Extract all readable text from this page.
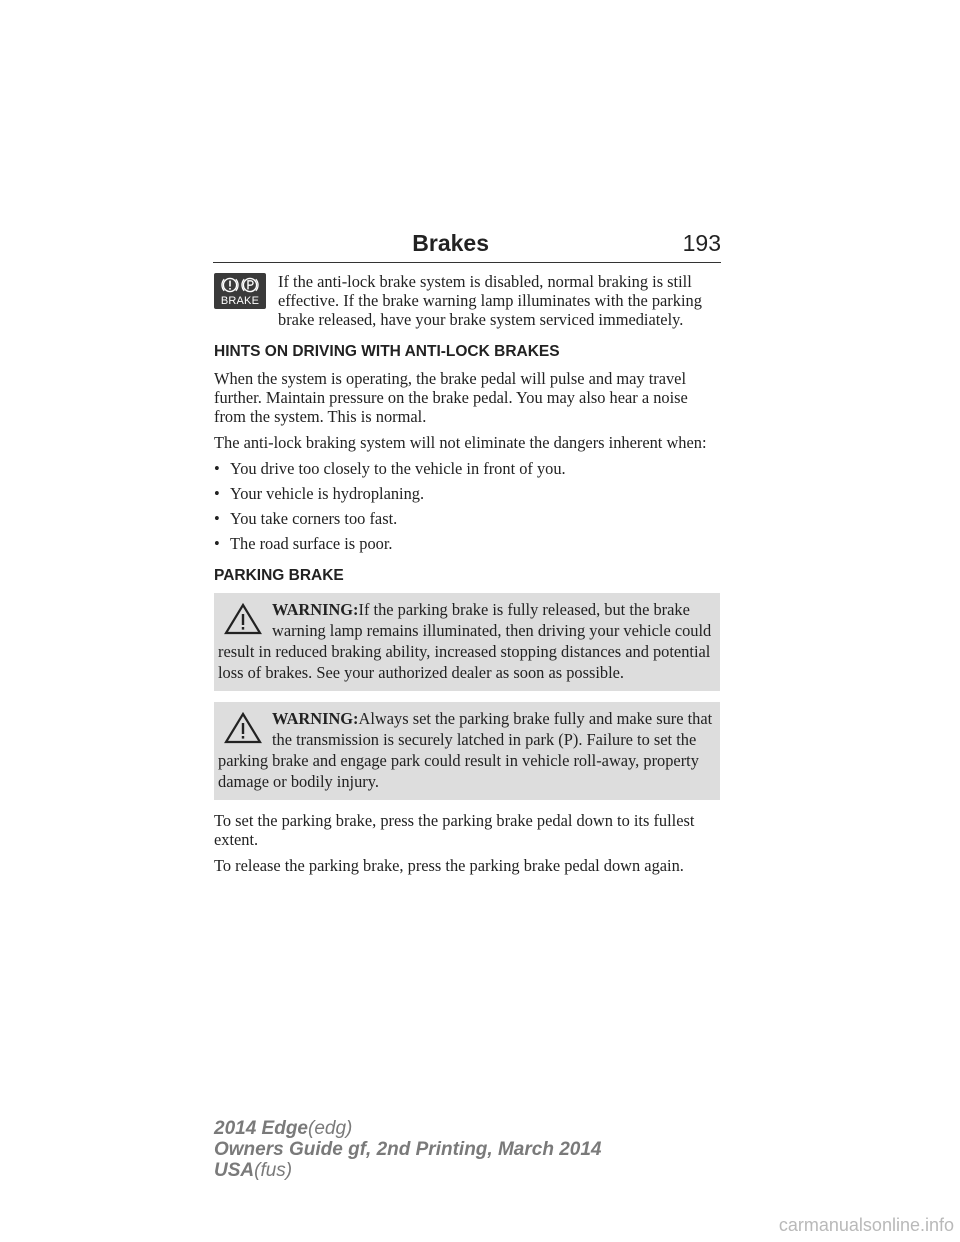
Brakes	193
BRAKE

If the anti-lock brake system is disabled, normal braking is still effective. If the brake warning lamp illuminates with the parking brake released, have your brake system serviced immediately.

HINTS ON DRIVING WITH ANTI-LOCK BRAKES

When the system is operating, the brake pedal will pulse and may travel further. Maintain pressure on the brake pedal. You may also hear a noise from the system. This is normal.

The anti-lock braking system will not eliminate the dangers inherent when:

• You drive too closely to the vehicle in front of you.
• Your vehicle is hydroplaning.
• You take corners too fast.
• The road surface is poor.
PARKING BRAKE
WARNING:If the parking brake is fully released, but the brake warning lamp remains illuminated, then driving your vehicle could result in reduced braking ability, increased stopping distances and potential loss of brakes. See your authorized dealer as soon as possible.
WARNING:Always set the parking brake fully and make sure that the transmission is securely latched in park (P). Failure to set the parking brake and engage park could result in vehicle roll-away, property damage or bodily injury.

To set the parking brake, press the parking brake pedal down to its fullest extent.

To release the parking brake, press the parking brake pedal down again.

2014 Edge(edg)
Owners Guide gf, 2nd Printing, March 2014
USA(fus)
carmanualsonline.info
